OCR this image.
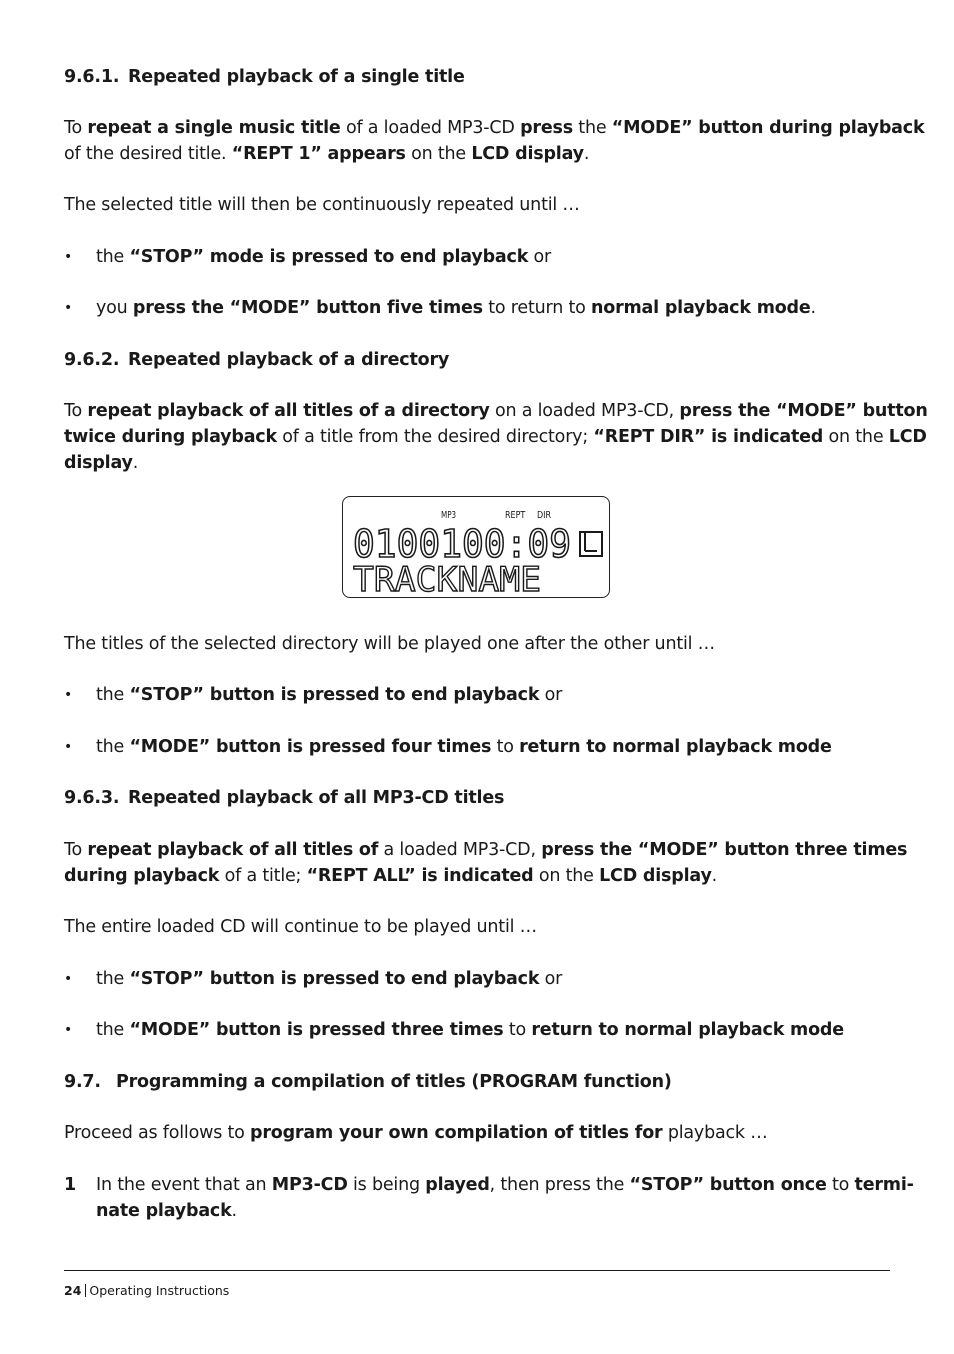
9.6.1. Repeated playback of a single title
To repeat a single music title of a loaded MP3-CD press the “MODE” button during playback
of the desired title. “REPT 1” appears on the LCD display.
The selected title will then be continuously repeated until …
• the “STOP” mode is pressed to end playback or
• you press the “MODE” button five times to return to normal playback mode.
9.6.2. Repeated playback of a directory
To repeat playback of all titles of a directory on a loaded MP3-CD, press the “MODE” button
twice during playback of a title from the desired directory; “REPT DIR” is indicated on the LCD
display.
MP3	REPT DIR
0100100:09
TRACKNAME
The titles of the selected directory will be played one after the other until …
• the “STOP” button is pressed to end playback or
• the “MODE” button is pressed four times to return to normal playback mode
9.6.3. Repeated playback of all MP3-CD titles
To repeat playback of all titles of a loaded MP3-CD, press the “MODE” button three times
during playback of a title; “REPT ALL” is indicated on the LCD display.
The entire loaded CD will continue to be played until …
• the “STOP” button is pressed to end playback or
• the “MODE” button is pressed three times to return to normal playback mode
9.7. Programming a compilation of titles (PROGRAM function)
Proceed as follows to program your own compilation of titles for playback …
1 In the event that an MP3-CD is being played, then press the “STOP” button once to termi-
nate playback.
24 Operating Instructions
